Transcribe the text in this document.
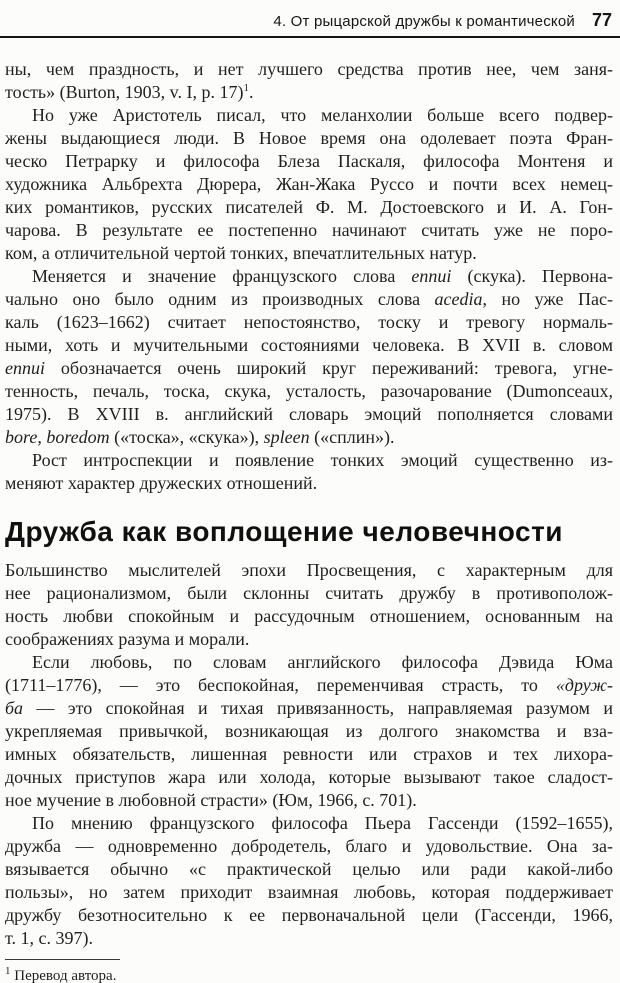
4. От рыцарской дружбы к романтической 77
ны, чем праздность, и нет лучшего средства против нее, чем заня-
тость» (Burton, 1903, v. I, p. 17)$^1$.
Но уже Аристотель писал, что меланхолии больше всего подвер-
жены выдающиеся люди. В Новое время она одолевает поэта Фран-
ческо Петрарку и философа Блеза Паскаля, философа Монтеня и
художника Альбрехта Дюрера, Жан-Жака Руссо и почти всех немец-
ких романтиков, русских писателей Ф. М. Достоевского и И. А. Гон-
чарова. В результате ее постепенно начинают считать уже не поро-
ком, а отличительной чертой тонких, впечатлительных натур.
Меняется и значение французского слова ennui (скука). Первона-
чально оно было одним из производных слова acedia, но уже Пас-
каль (1623–1662) считает непостоянство, тоску и тревогу нормаль-
ными, хоть и мучительными состояниями человека. В XVII в. словом
ennui обозначается очень широкий круг переживаний: тревога, угне-
тенность, печаль, тоска, скука, усталость, разочарование (Dumonceaux,
1975). В XVIII в. английский словарь эмоций пополняется словами
bore, boredom («тоска», «скука»), spleen («сплин»).
Рост интроспекции и появление тонких эмоций существенно из-
меняют характер дружеских отношений.
Дружба как воплощение человечности
Большинство мыслителей эпохи Просвещения, с характерным для
нее рационализмом, были склонны считать дружбу в противополож-
ность любви спокойным и рассудочным отношением, основанным на
соображениях разума и морали.
Если любовь, по словам английского философа Дэвида Юма
(1711–1776), — это беспокойная, переменчивая страсть, то «друж-
ба — это спокойная и тихая привязанность, направляемая разумом и
укрепляемая привычкой, возникающая из долгого знакомства и вза-
имных обязательств, лишенная ревности или страхов и тех лихора-
дочных приступов жара или холода, которые вызывают такое сладост-
ное мучение в любовной страсти» (Юм, 1966, с. 701).
По мнению французского философа Пьера Гассенди (1592–1655),
дружба — одновременно добродетель, благо и удовольствие. Она за-
вязывается обычно «с практической целью или ради какой-либо
пользы», но затем приходит взаимная любовь, которая поддерживает
дружбу безотносительно к ее первоначальной цели (Гассенди, 1966,
т. 1, с. 397).
$^1$ Перевод автора.
